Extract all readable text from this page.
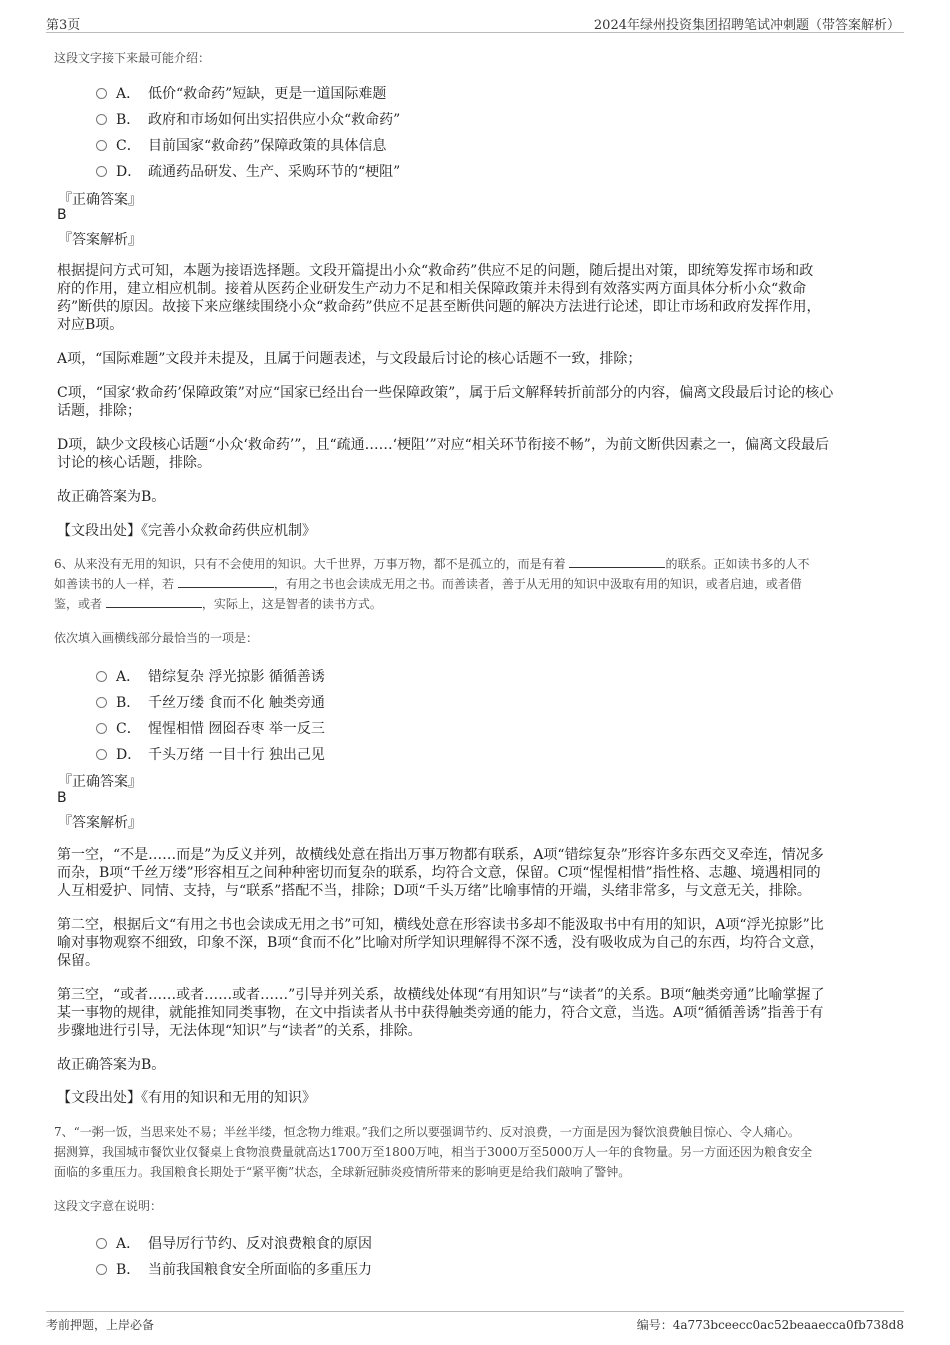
第3页	2024年绿州投资集团招聘笔试冲刺题（带答案解析）
这段文字接下来最可能介绍：
A． 低价“救命药”短缺，更是一道国际难题
B． 政府和市场如何出实招供应小众“救命药”
C． 目前国家“救命药”保障政策的具体信息
D． 疏通药品研发、生产、采购环节的“梗阻”
『正确答案』
B
『答案解析』
根据提问方式可知，本题为接语选择题。文段开篇提出小众“救命药”供应不足的问题，随后提出对策，即统筹发挥市场和政
府的作用，建立相应机制。接着从医药企业研发生产动力不足和相关保障政策并未得到有效落实两方面具体分析小众“救命
药”断供的原因。故接下来应继续围绕小众“救命药”供应不足甚至断供问题的解决方法进行论述，即让市场和政府发挥作用，
对应B项。
A项，“国际难题”文段并未提及，且属于问题表述，与文段最后讨论的核心话题不一致，排除；
C项，“国家‘救命药’保障政策”对应“国家已经出台一些保障政策”，属于后文解释转折前部分的内容，偏离文段最后讨论的核心
话题，排除；
D项，缺少文段核心话题“小众‘救命药’”，且“疏通……‘梗阻’”对应“相关环节衔接不畅”，为前文断供因素之一，偏离文段最后
讨论的核心话题，排除。
故正确答案为B。
【文段出处】《完善小众救命药供应机制》
6、从来没有无用的知识，只有不会使用的知识。大千世界，万事万物，都不是孤立的，而是有着	的联系。正如读书多的人不
如善读书的人一样，若	，有用之书也会读成无用之书。而善读者，善于从无用的知识中汲取有用的知识，或者启迪，或者借
鉴，或者	，实际上，这是智者的读书方式。
依次填入画横线部分最恰当的一项是：
A． 错综复杂 浮光掠影 循循善诱
B． 千丝万缕 食而不化 触类旁通
C． 惺惺相惜 囫囵吞枣 举一反三
D． 千头万绪 一目十行 独出己见
『正确答案』
B
『答案解析』
第一空，“不是……而是”为反义并列，故横线处意在指出万事万物都有联系，A项“错综复杂”形容许多东西交叉牵连，情况多
而杂，B项“千丝万缕”形容相互之间种种密切而复杂的联系，均符合文意，保留。C项“惺惺相惜”指性格、志趣、境遇相同的
人互相爱护、同情、支持，与“联系”搭配不当，排除；D项“千头万绪”比喻事情的开端，头绪非常多，与文意无关，排除。
第二空，根据后文“有用之书也会读成无用之书”可知，横线处意在形容读书多却不能汲取书中有用的知识，A项“浮光掠影”比
喻对事物观察不细致，印象不深，B项“食而不化”比喻对所学知识理解得不深不透，没有吸收成为自己的东西，均符合文意，
保留。
第三空，“或者……或者……或者……”引导并列关系，故横线处体现“有用知识”与“读者”的关系。B项“触类旁通”比喻掌握了
某一事物的规律，就能推知同类事物，在文中指读者从书中获得触类旁通的能力，符合文意，当选。A项“循循善诱”指善于有
步骤地进行引导，无法体现“知识”与“读者”的关系，排除。
故正确答案为B。
【文段出处】《有用的知识和无用的知识》
7、“一粥一饭，当思来处不易；半丝半缕，恒念物力维艰。”我们之所以要强调节约、反对浪费，一方面是因为餐饮浪费触目惊心、令人痛心。
据测算，我国城市餐饮业仅餐桌上食物浪费量就高达1700万至1800万吨，相当于3000万至5000万人一年的食物量。另一方面还因为粮食安全
面临的多重压力。我国粮食长期处于“紧平衡”状态，全球新冠肺炎疫情所带来的影响更是给我们敲响了警钟。
这段文字意在说明：
A． 倡导厉行节约、反对浪费粮食的原因
B． 当前我国粮食安全所面临的多重压力
考前押题，上岸必备	编号：4a773bceecc0ac52beaaecca0fb738d8
